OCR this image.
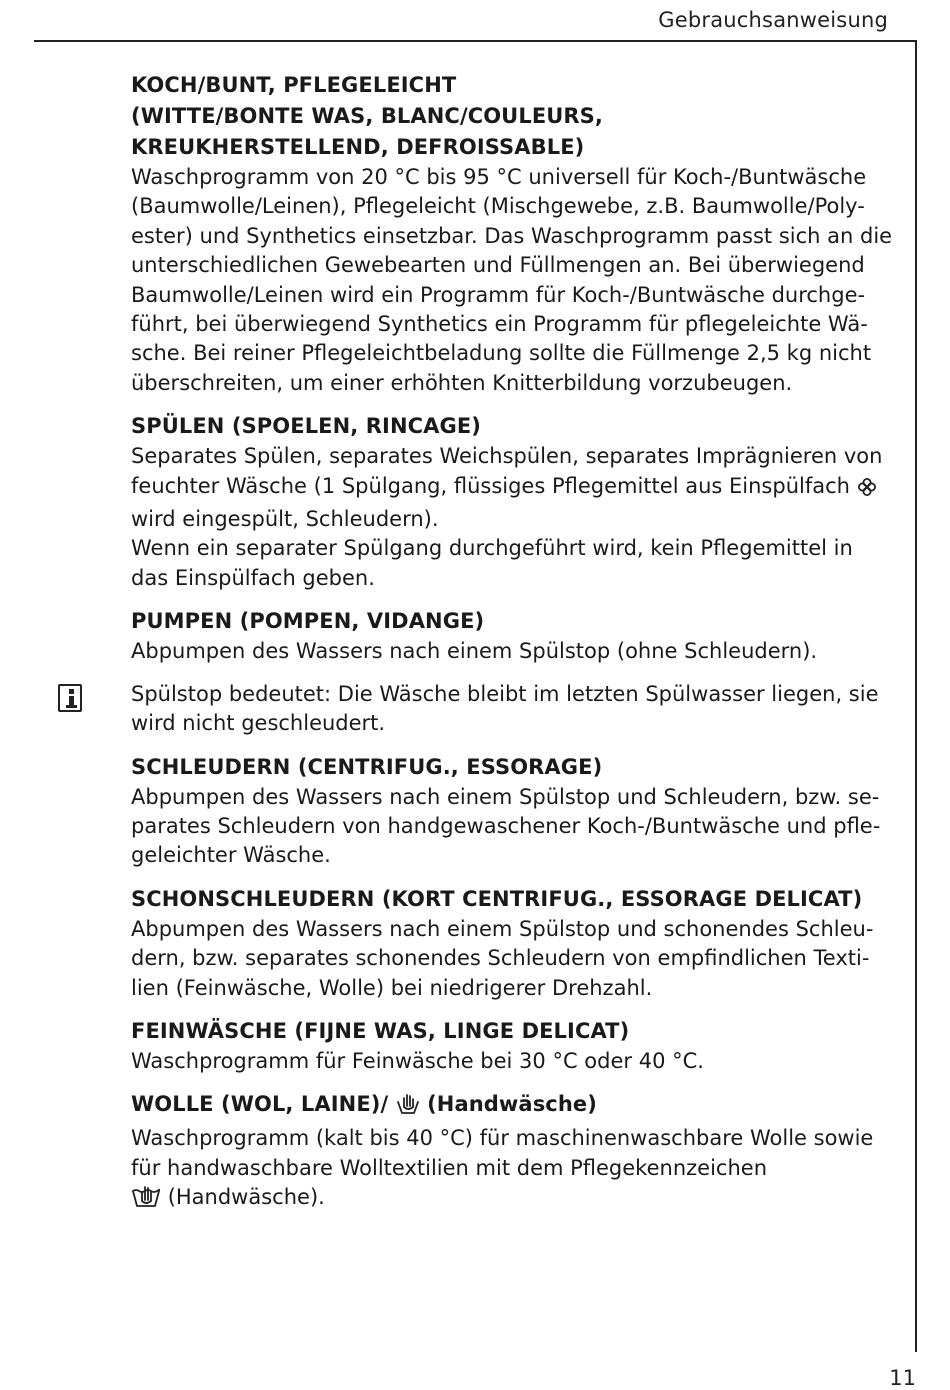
Gebrauchsanweisung
KOCH/BUNT, PFLEGELEICHT
(WITTE/BONTE WAS, BLANC/COULEURS,
KREUKHERSTELLEND, DEFROISSABLE)
Waschprogramm von 20 °C bis 95 °C universell für Koch-/Buntwäsche
(Baumwolle/Leinen), Pflegeleicht (Mischgewebe, z.B. Baumwolle/Poly-
ester) und Synthetics einsetzbar. Das Waschprogramm passt sich an die
unterschiedlichen Gewebearten und Füllmengen an. Bei überwiegend
Baumwolle/Leinen wird ein Programm für Koch-/Buntwäsche durchge-
führt, bei überwiegend Synthetics ein Programm für pflegeleichte Wä-
sche. Bei reiner Pflegeleichtbeladung sollte die Füllmenge 2,5 kg nicht
überschreiten, um einer erhöhten Knitterbildung vorzubeugen.
SPÜLEN (SPOELEN, RINCAGE)
Separates Spülen, separates Weichspülen, separates Imprägnieren von
feuchter Wäsche (1 Spülgang, flüssiges Pflegemittel aus Einspülfach
wird eingespült, Schleudern).
Wenn ein separater Spülgang durchgeführt wird, kein Pflegemittel in
das Einspülfach geben.
PUMPEN (POMPEN, VIDANGE)
Abpumpen des Wassers nach einem Spülstop (ohne Schleudern).
Spülstop bedeutet: Die Wäsche bleibt im letzten Spülwasser liegen, sie
wird nicht geschleudert.
SCHLEUDERN (CENTRIFUG., ESSORAGE)
Abpumpen des Wassers nach einem Spülstop und Schleudern, bzw. se-
parates Schleudern von handgewaschener Koch-/Buntwäsche und pfle-
geleichter Wäsche.
SCHONSCHLEUDERN (KORT CENTRIFUG., ESSORAGE DELICAT)
Abpumpen des Wassers nach einem Spülstop und schonendes Schleu-
dern, bzw. separates schonendes Schleudern von empfindlichen Texti-
lien (Feinwäsche, Wolle) bei niedrigerer Drehzahl.
FEINWÄSCHE (FIJNE WAS, LINGE DELICAT)
Waschprogramm für Feinwäsche bei 30 °C oder 40 °C.
WOLLE (WOL, LAINE)/ (Handwäsche)
Waschprogramm (kalt bis 40 °C) für maschinenwaschbare Wolle sowie
für handwaschbare Wolltextilien mit dem Pflegekennzeichen
(Handwäsche).
11
